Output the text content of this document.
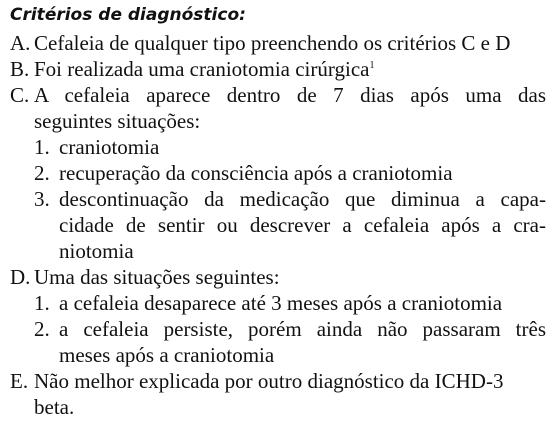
Critérios de diagnóstico:
A. Cefaleia de qualquer tipo preenchendo os critérios C e D
B. Foi realizada uma craniotomia cirúrgica$^1$
C. A cefaleia aparece dentro de 7 dias após uma das
seguintes situações:
1. craniotomia
2. recuperação da consciência após a craniotomia
3. descontinuação da medicação que diminua a capa-
cidade de sentir ou descrever a cefaleia após a cra-
niotomia
D. Uma das situações seguintes:
1. a cefaleia desaparece até 3 meses após a craniotomia
2. a cefaleia persiste, porém ainda não passaram três
meses após a craniotomia
E. Não melhor explicada por outro diagnóstico da ICHD-3
beta.
